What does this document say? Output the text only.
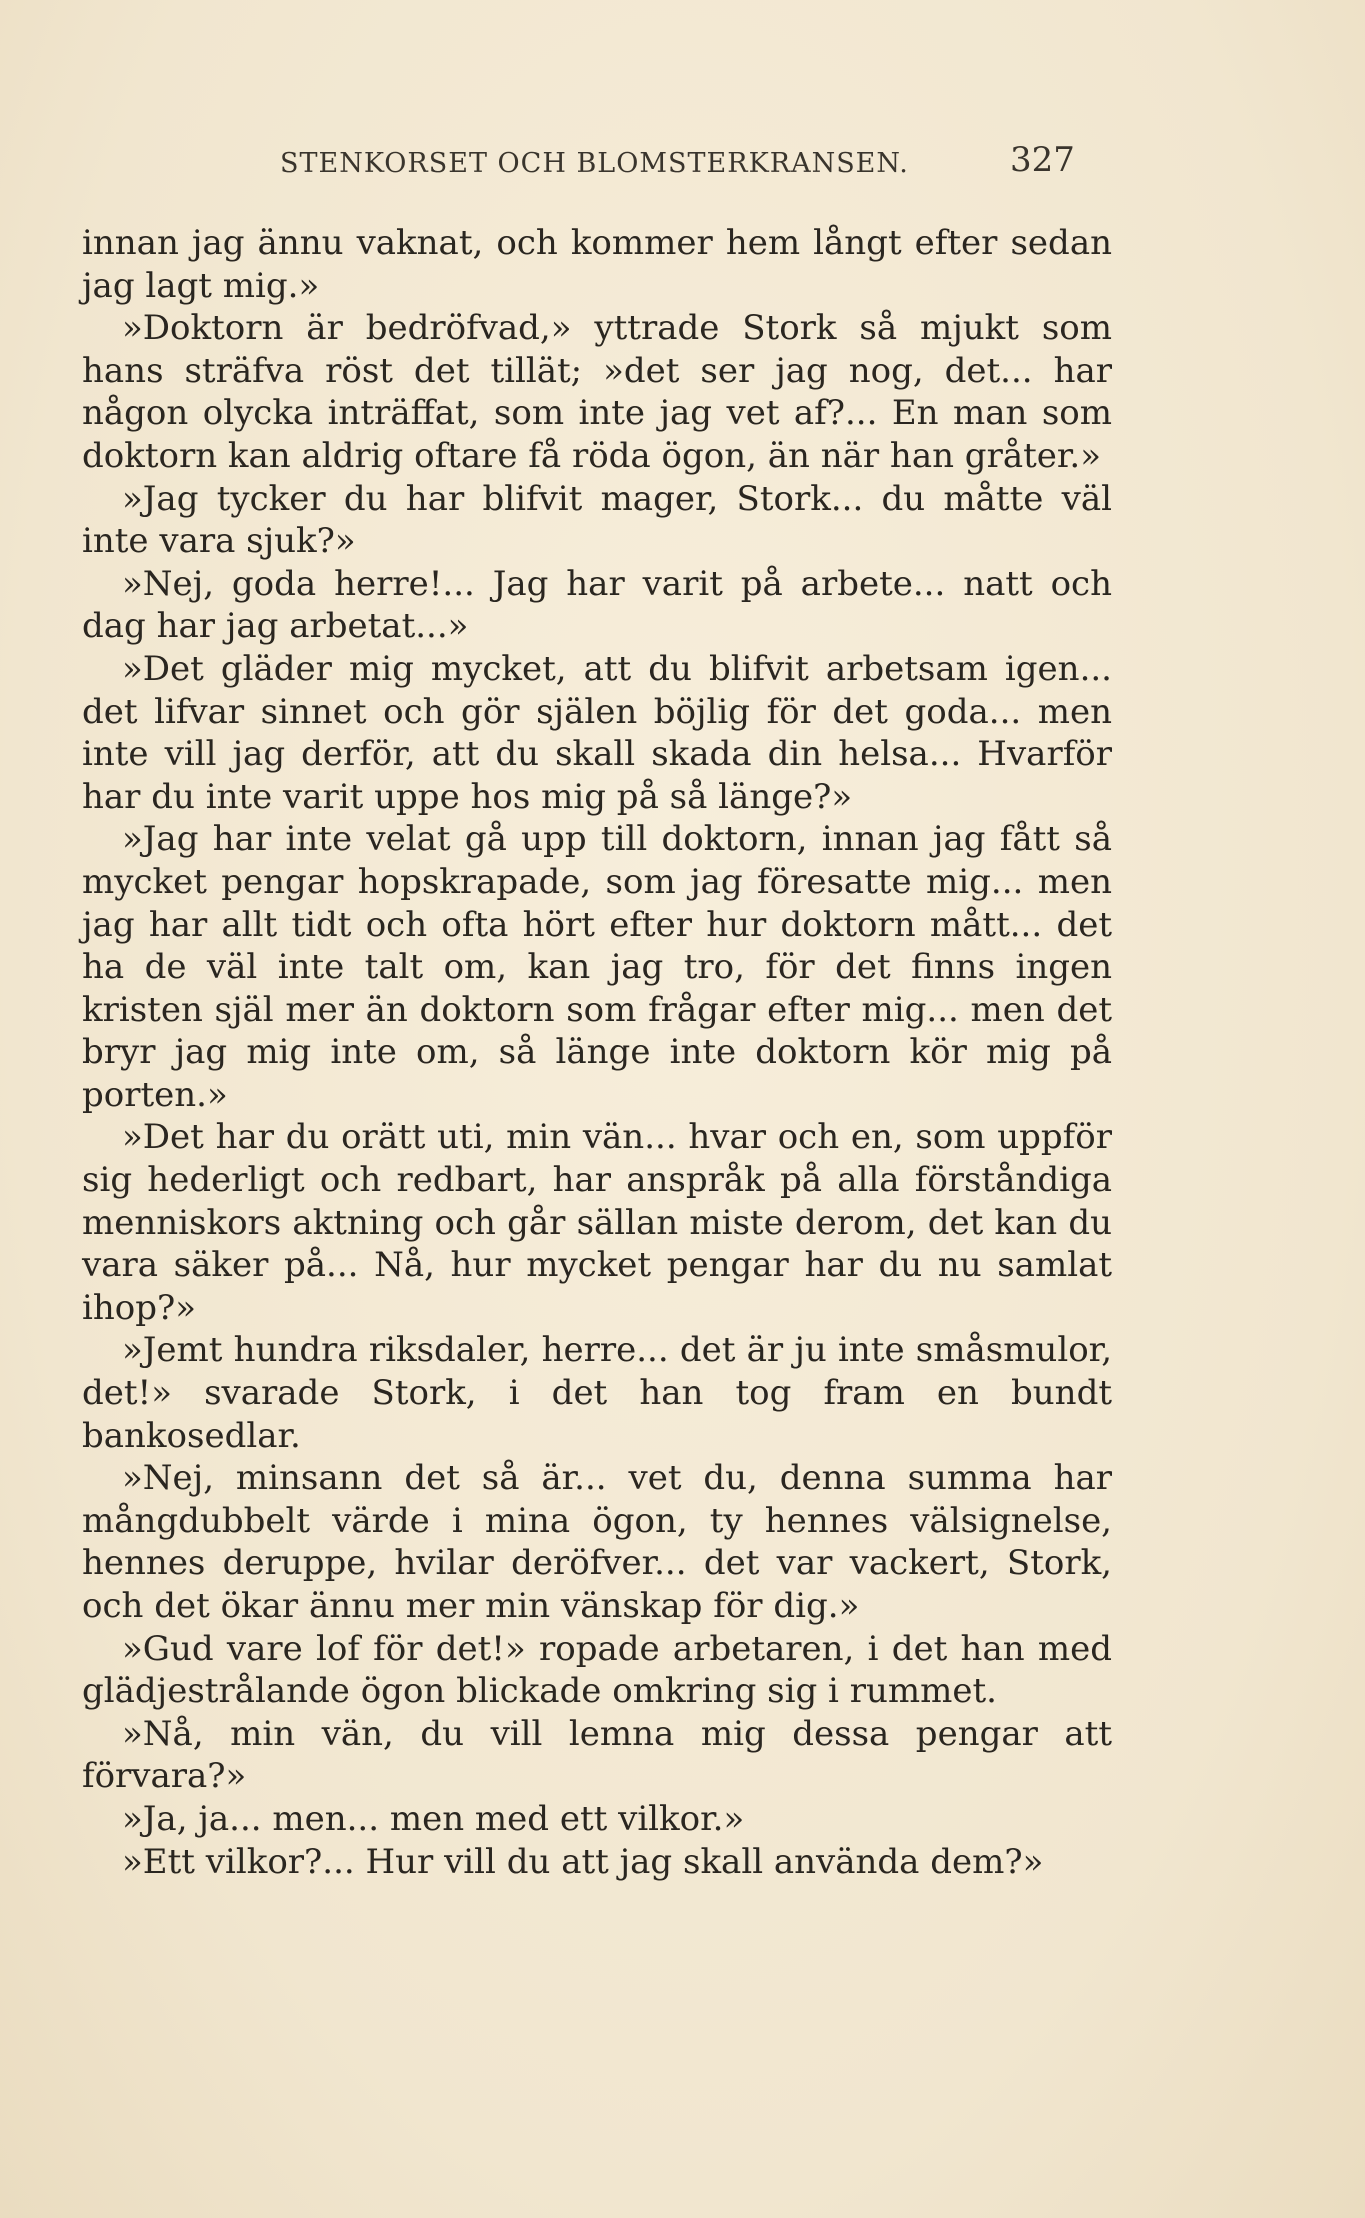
STENKORSET OCH BLOMSTERKRANSEN.	327

innan jag ännu vaknat, och kommer hem långt efter sedan jag lagt mig.»

»Doktorn är bedröfvad,» yttrade Stork så mjukt som hans sträfva röst det tillät; »det ser jag nog, det... har någon olycka inträffat, som inte jag vet af?... En man som doktorn kan aldrig oftare få röda ögon, än när han gråter.»

»Jag tycker du har blifvit mager, Stork... du måtte väl inte vara sjuk?»

»Nej, goda herre!... Jag har varit på arbete... natt och dag har jag arbetat...»

»Det gläder mig mycket, att du blifvit arbetsam igen... det lifvar sinnet och gör själen böjlig för det goda... men inte vill jag derför, att du skall skada din helsa... Hvarför har du inte varit uppe hos mig på så länge?»

»Jag har inte velat gå upp till doktorn, innan jag fått så mycket pengar hopskrapade, som jag föresatte mig... men jag har allt tidt och ofta hört efter hur doktorn mått... det ha de väl inte talt om, kan jag tro, för det finns ingen kristen själ mer än doktorn som frågar efter mig... men det bryr jag mig inte om, så länge inte doktorn kör mig på porten.»

»Det har du orätt uti, min vän... hvar och en, som uppför sig hederligt och redbart, har anspråk på alla förståndiga menniskors aktning och går sällan miste derom, det kan du vara säker på... Nå, hur mycket pengar har du nu samlat ihop?»

»Jemt hundra riksdaler, herre... det är ju inte småsmulor, det!» svarade Stork, i det han tog fram en bundt bankosedlar.

»Nej, minsann det så är... vet du, denna summa har mångdubbelt värde i mina ögon, ty hennes välsignelse, hennes deruppe, hvilar deröfver... det var vackert, Stork, och det ökar ännu mer min vänskap för dig.»

»Gud vare lof för det!» ropade arbetaren, i det han med glädjestrålande ögon blickade omkring sig i rummet.

»Nå, min vän, du vill lemna mig dessa pengar att förvara?»

»Ja, ja... men... men med ett vilkor.»

»Ett vilkor?... Hur vill du att jag skall använda dem?»
